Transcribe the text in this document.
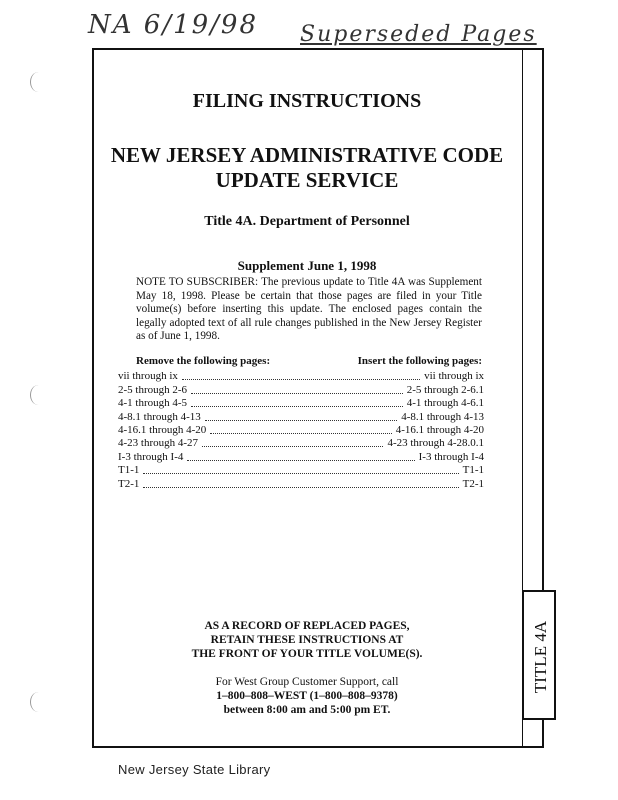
NA 6/19/98 Superseded Pages
TITLE 4A
FILING INSTRUCTIONS
NEW JERSEY ADMINISTRATIVE CODE
UPDATE SERVICE
Title 4A. Department of Personnel
Supplement June 1, 1998
NOTE TO SUBSCRIBER: The previous update to Title 4A was Supplement May 18, 1998. Please be certain that those pages are filed in your Title volume(s) before inserting this update. The enclosed pages contain the legally adopted text of all rule changes published in the New Jersey Register as of June 1, 1998.
Remove the following pages:	Insert the following pages:
vii through ix	vii through ix
2-5 through 2-6	2-5 through 2-6.1
4-1 through 4-5	4-1 through 4-6.1
4-8.1 through 4-13	4-8.1 through 4-13
4-16.1 through 4-20	4-16.1 through 4-20
4-23 through 4-27	4-23 through 4-28.0.1
I-3 through I-4	I-3 through I-4
T1-1	T1-1
T2-1	T2-1
AS A RECORD OF REPLACED PAGES,
RETAIN THESE INSTRUCTIONS AT
THE FRONT OF YOUR TITLE VOLUME(S).
For West Group Customer Support, call
1–800–808–WEST (1–800–808–9378)
between 8:00 am and 5:00 pm ET.
New Jersey State Library
